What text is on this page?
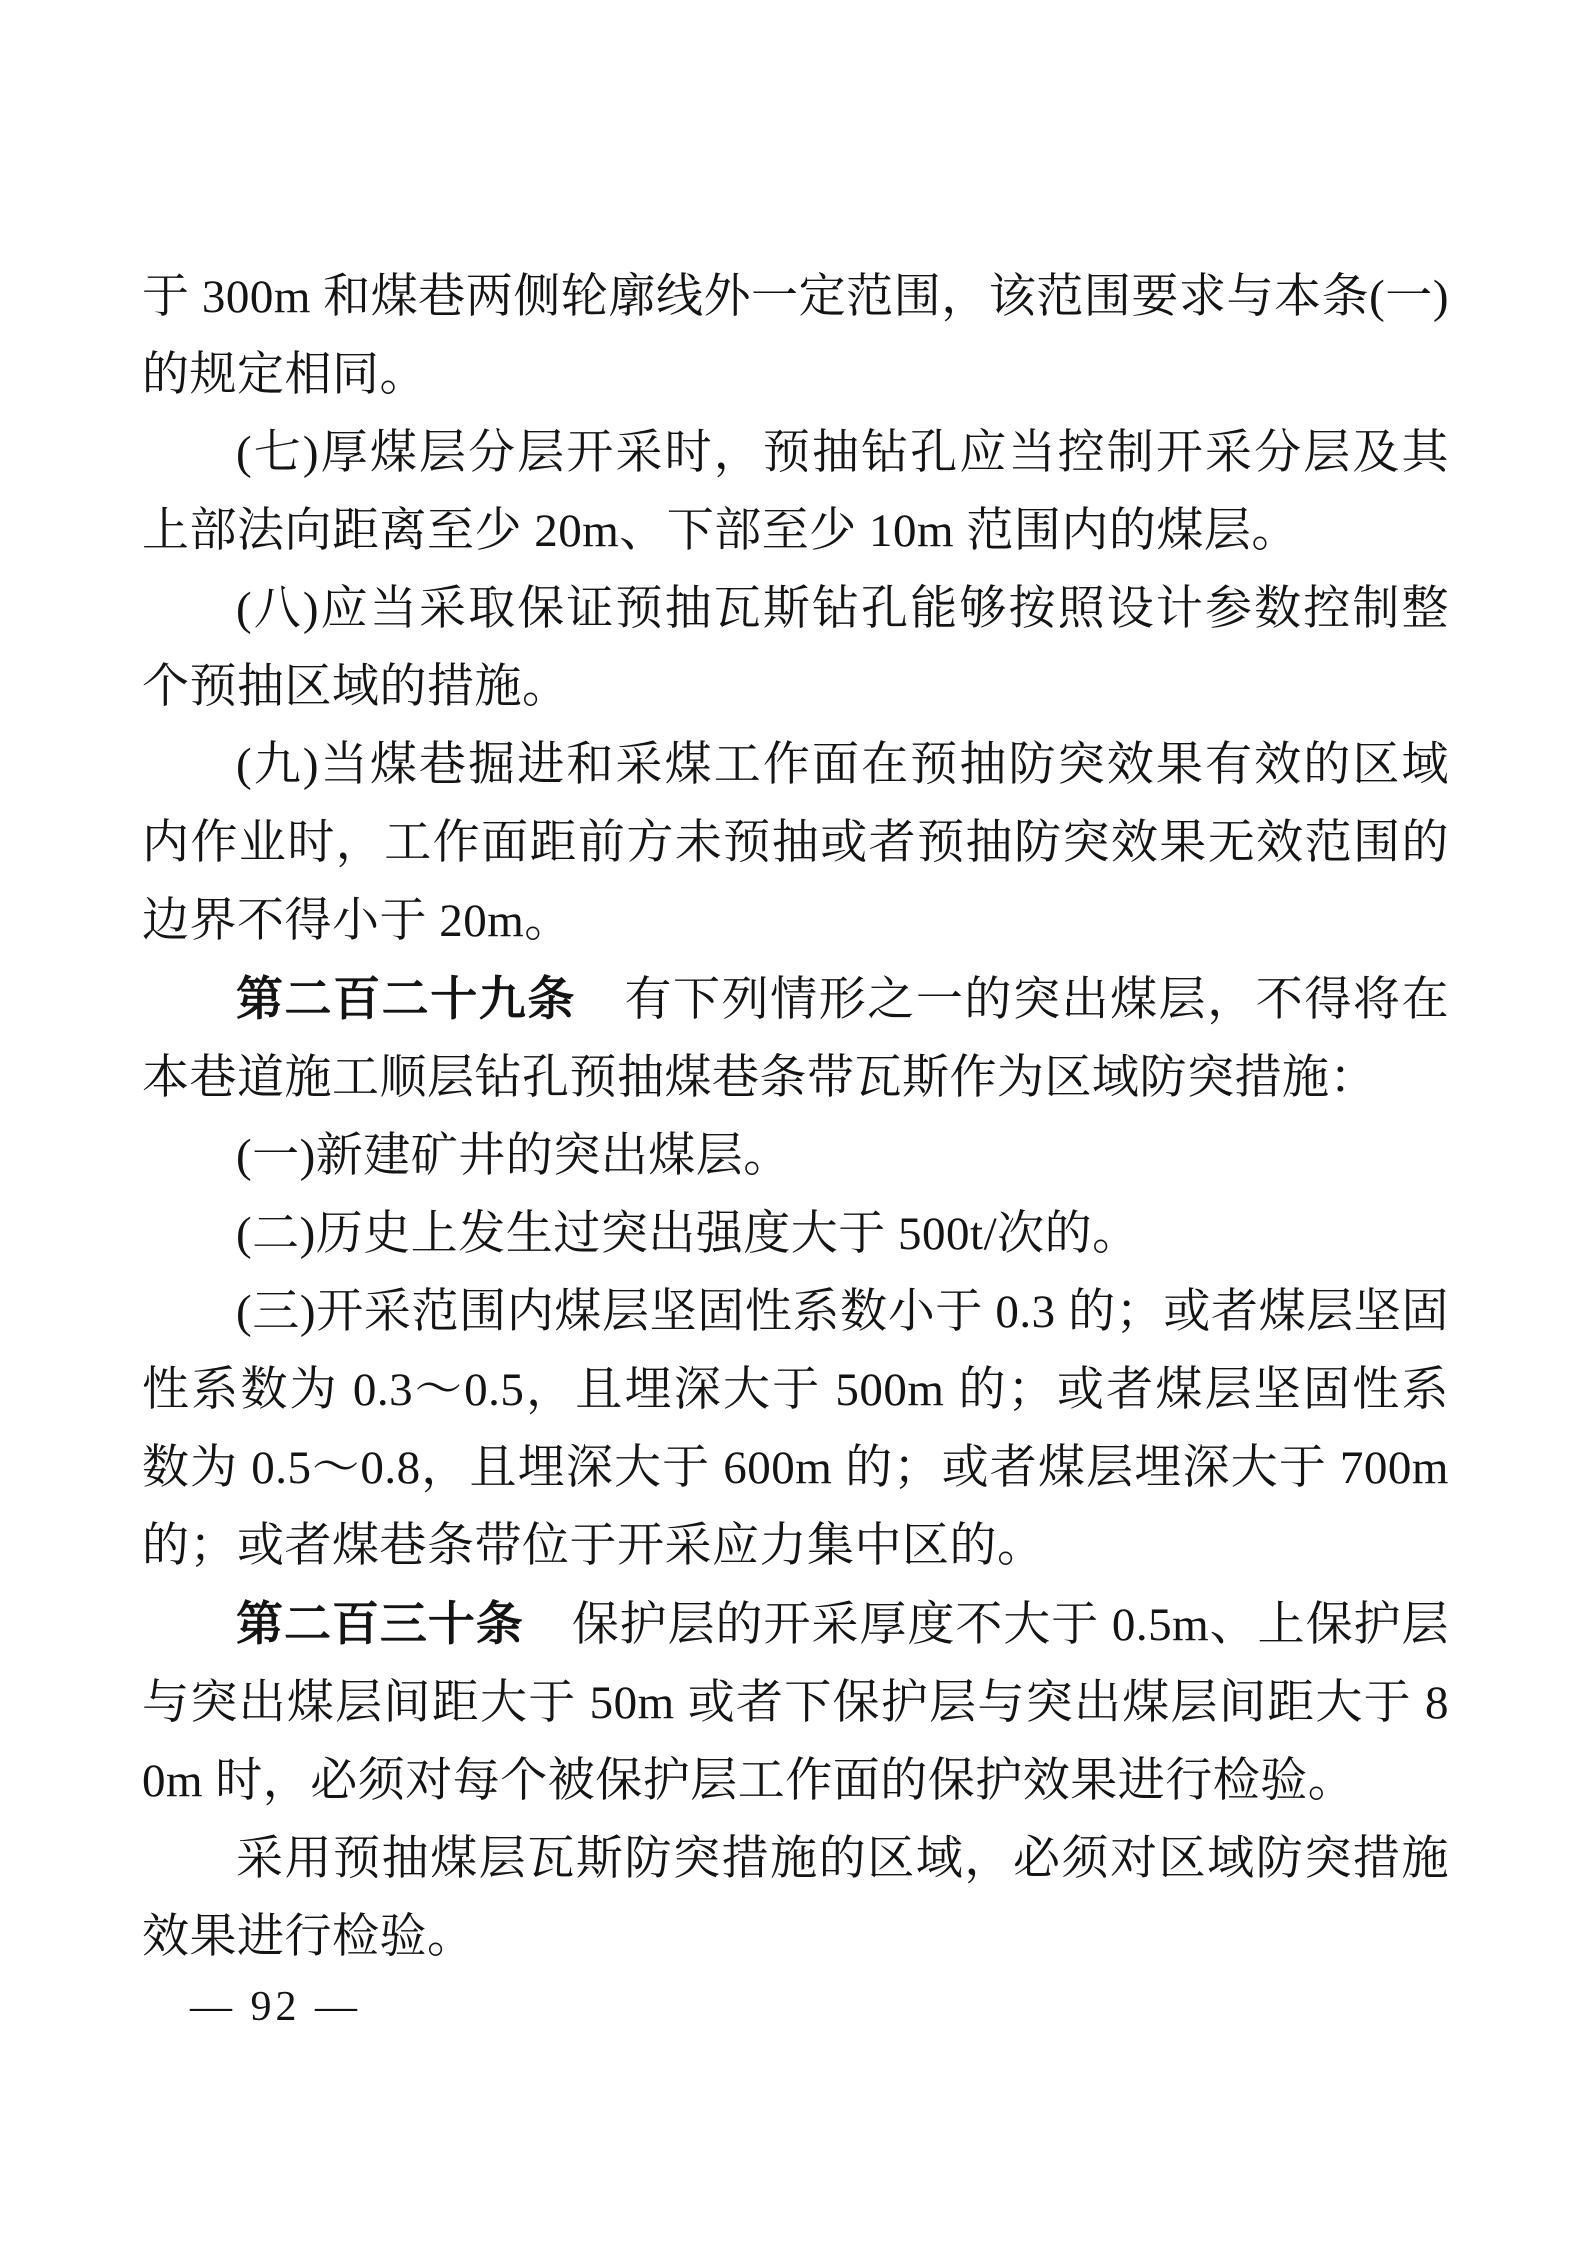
于 300m 和煤巷两侧轮廓线外一定范围，该范围要求与本条(一)的规定相同。

(七)厚煤层分层开采时，预抽钻孔应当控制开采分层及其上部法向距离至少 20m、下部至少 10m 范围内的煤层。

(八)应当采取保证预抽瓦斯钻孔能够按照设计参数控制整个预抽区域的措施。

(九)当煤巷掘进和采煤工作面在预抽防突效果有效的区域内作业时，工作面距前方未预抽或者预抽防突效果无效范围的边界不得小于 20m。

第二百二十九条　有下列情形之一的突出煤层，不得将在本巷道施工顺层钻孔预抽煤巷条带瓦斯作为区域防突措施：

(一)新建矿井的突出煤层。

(二)历史上发生过突出强度大于 500t/次的。

(三)开采范围内煤层坚固性系数小于 0.3 的；或者煤层坚固性系数为 0.3～0.5，且埋深大于 500m 的；或者煤层坚固性系数为 0.5～0.8，且埋深大于 600m 的；或者煤层埋深大于 700m 的；或者煤巷条带位于开采应力集中区的。

第二百三十条　保护层的开采厚度不大于 0.5m、上保护层与突出煤层间距大于 50m 或者下保护层与突出煤层间距大于 80m 时，必须对每个被保护层工作面的保护效果进行检验。

采用预抽煤层瓦斯防突措施的区域，必须对区域防突措施效果进行检验。

— 92 —
